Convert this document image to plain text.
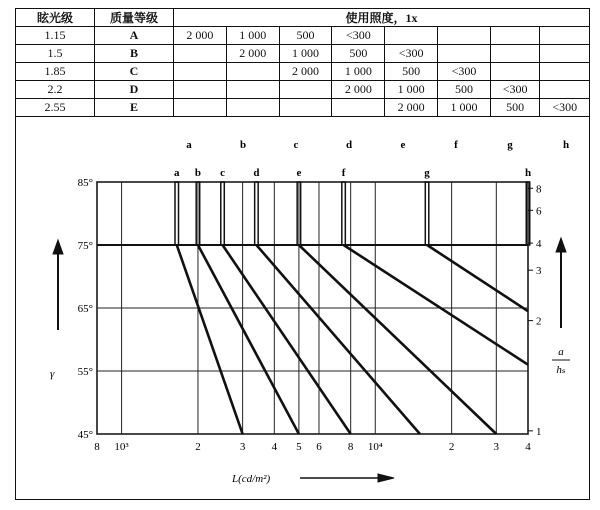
眩光级	质量等级	使用照度，1x							
1.15	A	2 000	1 000	500	<300				
1.5	B		2 000	1 000	500	<300			
1.85	C			2 000	1 000	500	<300		
2.2	D				2 000	1 000	500	<300	
2.55	E					2 000	1 000	500	<300
8 10³	2	3 4 5 6 8 10⁴	2	3 4
45°
55°
65°
75°
85°
a b c	d	e	f	g	h
a	b	c	d	e	f	g	h
8
6
4
3
2
1
γ
a
hₛ
L(cd/m²)
